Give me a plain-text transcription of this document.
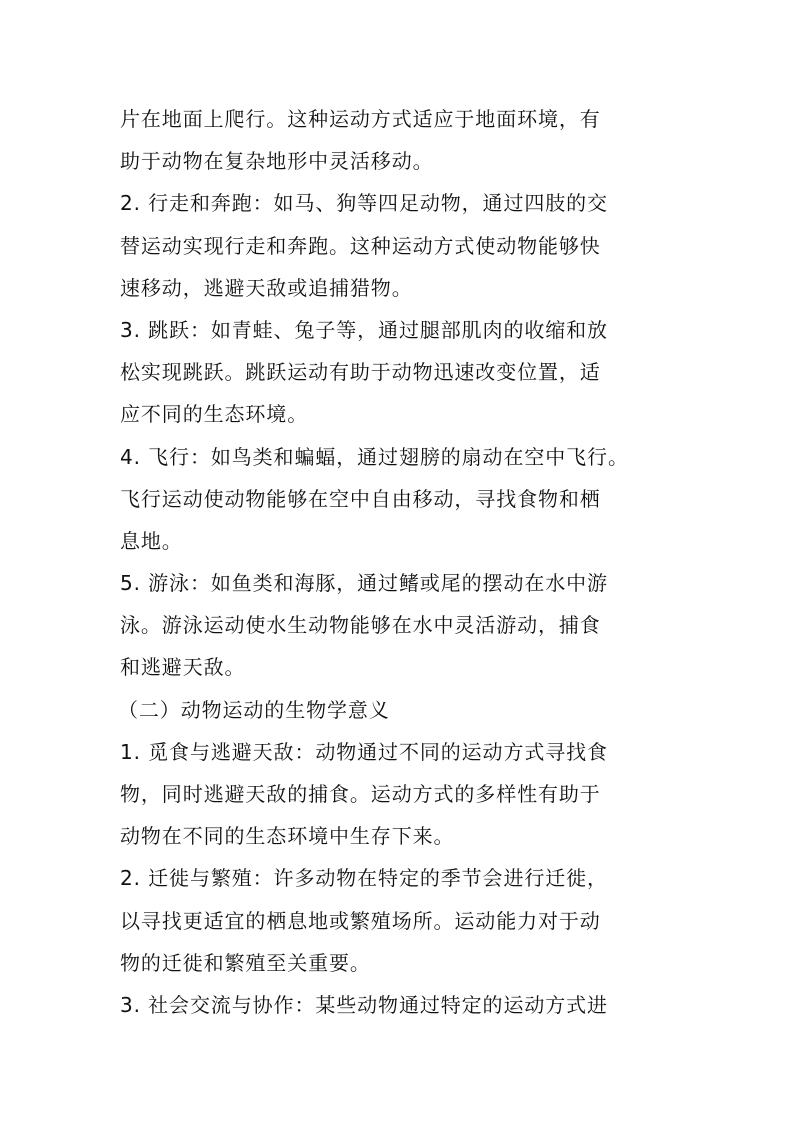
片在地面上爬行。这种运动方式适应于地面环境，有
助于动物在复杂地形中灵活移动。
2. 行走和奔跑：如马、狗等四足动物，通过四肢的交
替运动实现行走和奔跑。这种运动方式使动物能够快
速移动，逃避天敌或追捕猎物。
3. 跳跃：如青蛙、兔子等，通过腿部肌肉的收缩和放
松实现跳跃。跳跃运动有助于动物迅速改变位置，适
应不同的生态环境。
4. 飞行：如鸟类和蝙蝠，通过翅膀的扇动在空中飞行。
飞行运动使动物能够在空中自由移动，寻找食物和栖
息地。
5. 游泳：如鱼类和海豚，通过鳍或尾的摆动在水中游
泳。游泳运动使水生动物能够在水中灵活游动，捕食
和逃避天敌。
（二）动物运动的生物学意义
1. 觅食与逃避天敌：动物通过不同的运动方式寻找食
物，同时逃避天敌的捕食。运动方式的多样性有助于
动物在不同的生态环境中生存下来。
2. 迁徙与繁殖：许多动物在特定的季节会进行迁徙，
以寻找更适宜的栖息地或繁殖场所。运动能力对于动
物的迁徙和繁殖至关重要。
3. 社会交流与协作：某些动物通过特定的运动方式进
